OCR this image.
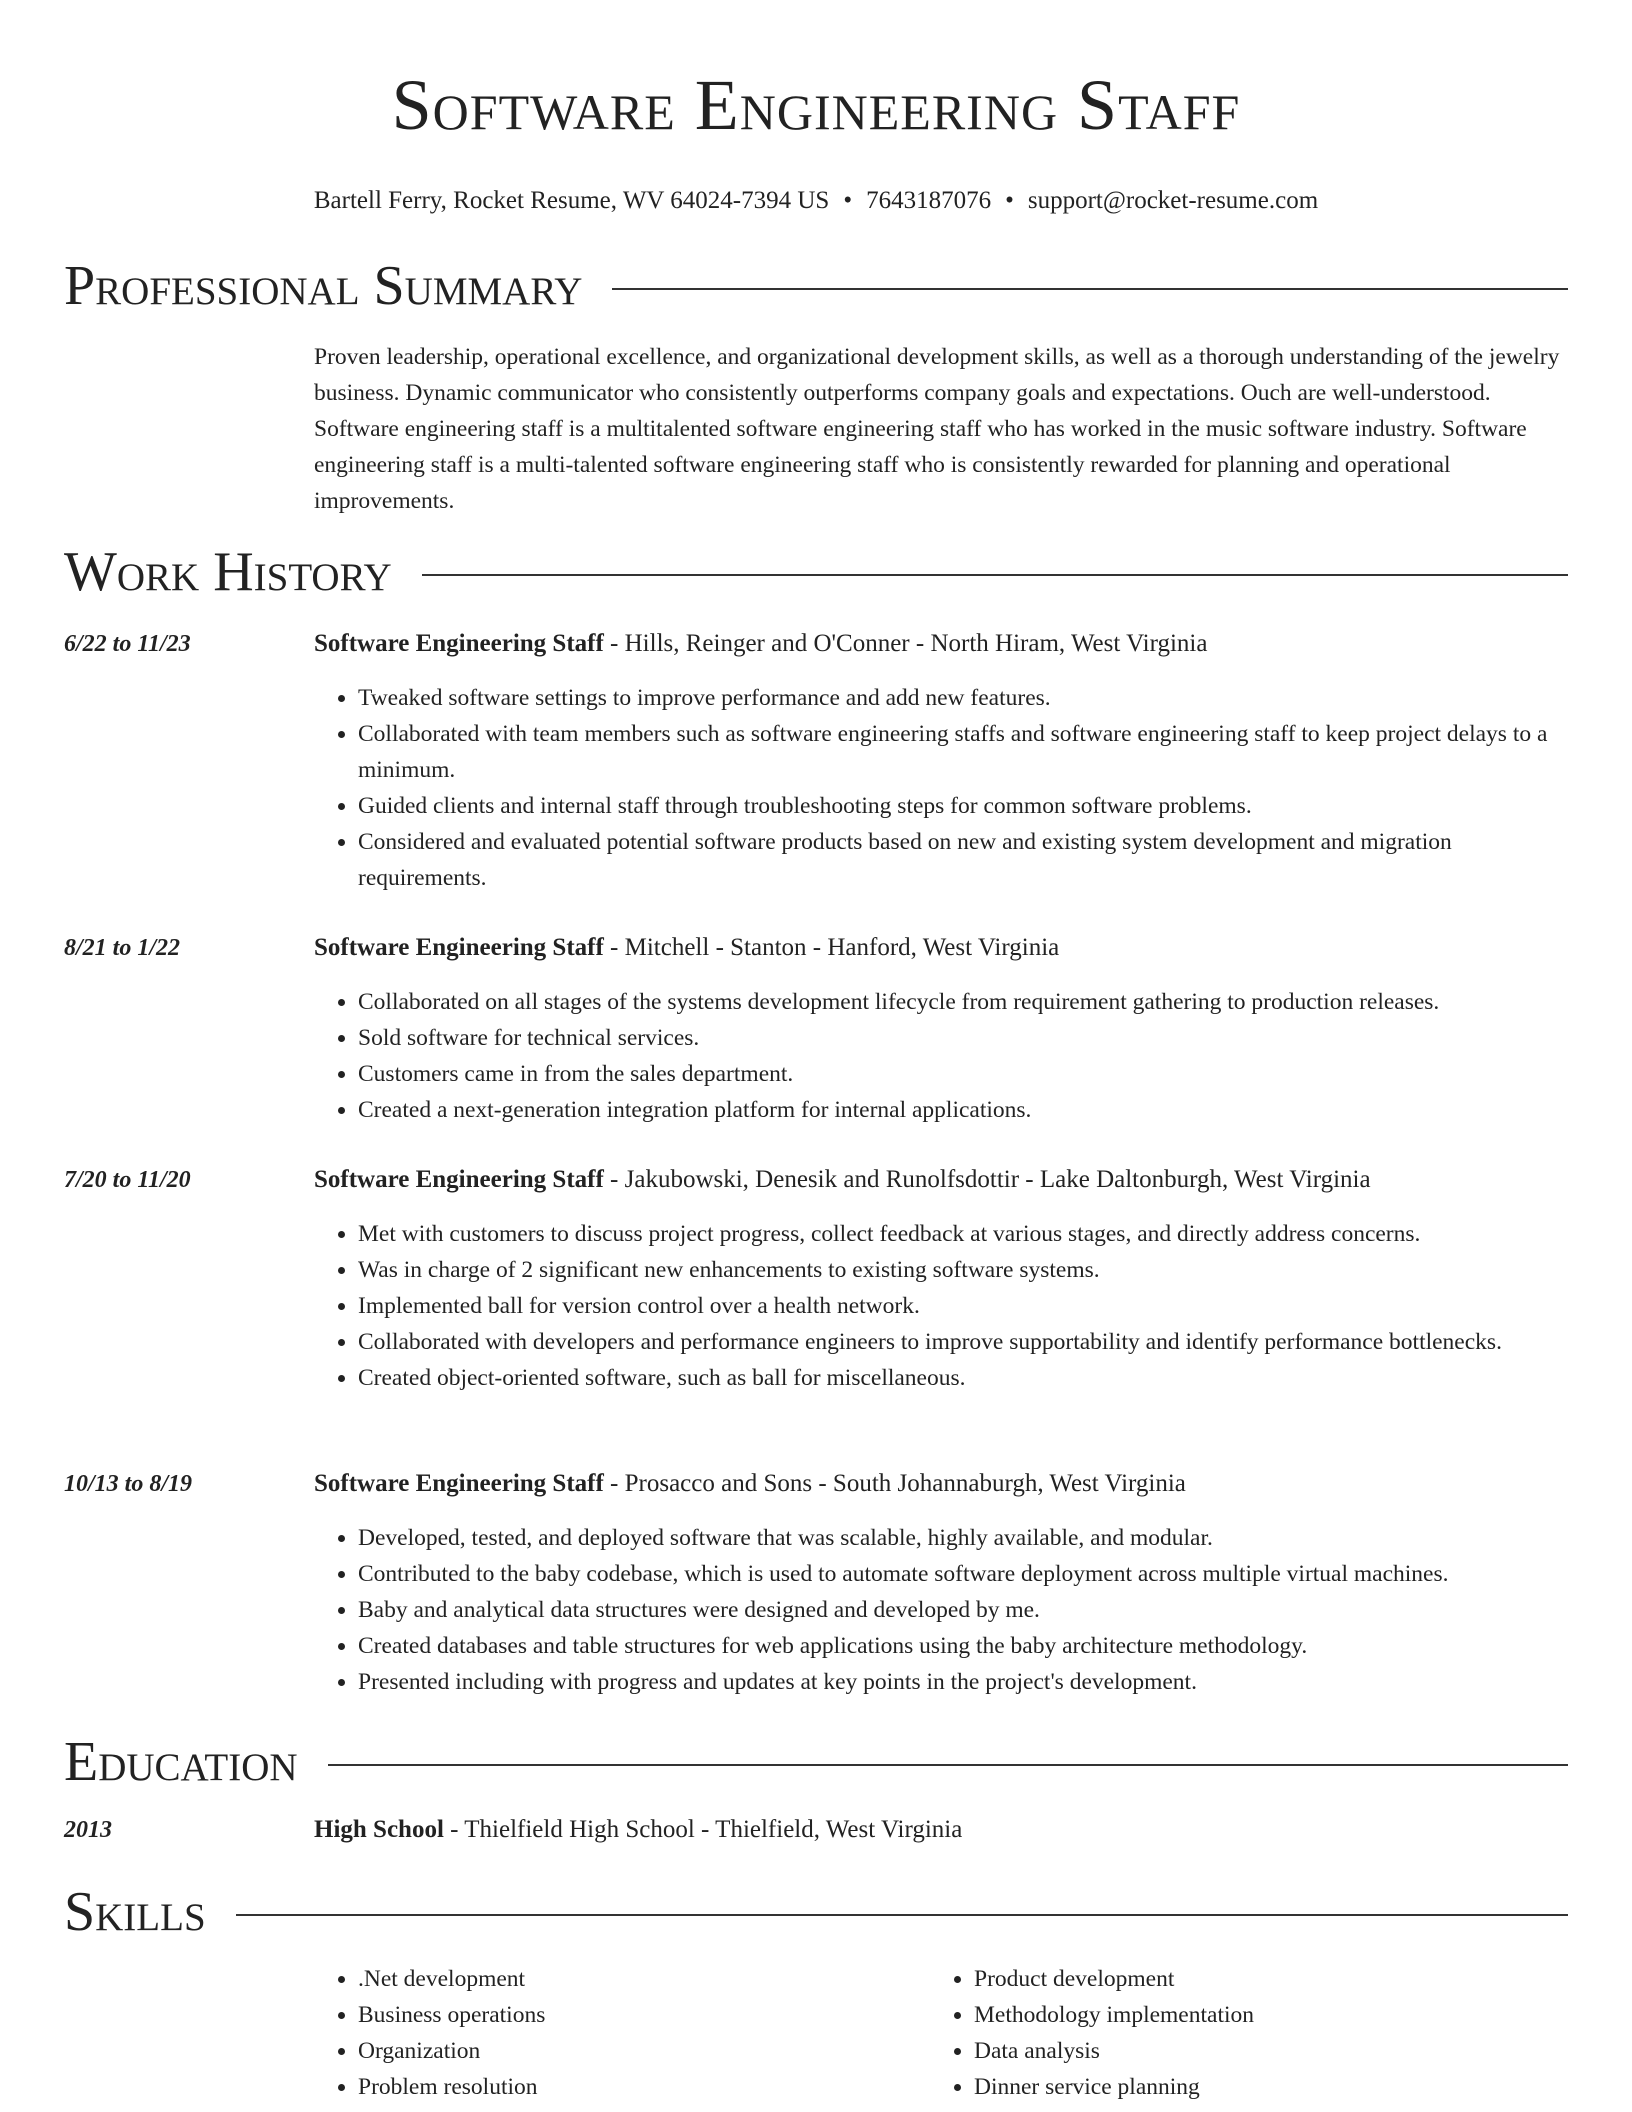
Software Engineering Staff
Bartell Ferry, Rocket Resume, WV 64024-7394 US • 7643187076 • support@rocket-resume.com
Professional Summary

Proven leadership, operational excellence, and organizational development skills, as well as a thorough understanding of the jewelry business. Dynamic communicator who consistently outperforms company goals and expectations. Ouch are well-understood. Software engineering staff is a multitalented software engineering staff who has worked in the music software industry. Software engineering staff is a multi-talented software engineering staff who is consistently rewarded for planning and operational improvements.

Work History
6/22 to 11/23	Software Engineering Staff - Hills, Reinger and O'Conner - North Hiram, West Virginia
• Tweaked software settings to improve performance and add new features.
• Collaborated with team members such as software engineering staffs and software engineering staff to keep project delays to a minimum.
• Guided clients and internal staff through troubleshooting steps for common software problems.
• Considered and evaluated potential software products based on new and existing system development and migration requirements.
8/21 to 1/22	Software Engineering Staff - Mitchell - Stanton - Hanford, West Virginia
• Collaborated on all stages of the systems development lifecycle from requirement gathering to production releases.
• Sold software for technical services.
• Customers came in from the sales department.
• Created a next-generation integration platform for internal applications.
7/20 to 11/20	Software Engineering Staff - Jakubowski, Denesik and Runolfsdottir - Lake Daltonburgh, West Virginia
• Met with customers to discuss project progress, collect feedback at various stages, and directly address concerns.
• Was in charge of 2 significant new enhancements to existing software systems.
• Implemented ball for version control over a health network.
• Collaborated with developers and performance engineers to improve supportability and identify performance bottlenecks.
• Created object-oriented software, such as ball for miscellaneous.
10/13 to 8/19	Software Engineering Staff - Prosacco and Sons - South Johannaburgh, West Virginia
• Developed, tested, and deployed software that was scalable, highly available, and modular.
• Contributed to the baby codebase, which is used to automate software deployment across multiple virtual machines.
• Baby and analytical data structures were designed and developed by me.
• Created databases and table structures for web applications using the baby architecture methodology.
• Presented including with progress and updates at key points in the project's development.
Education
2013	High School - Thielfield High School - Thielfield, West Virginia
Skills
• .Net development
• Business operations
• Organization
• Problem resolution
• Product development
• Methodology implementation
• Data analysis
• Dinner service planning
